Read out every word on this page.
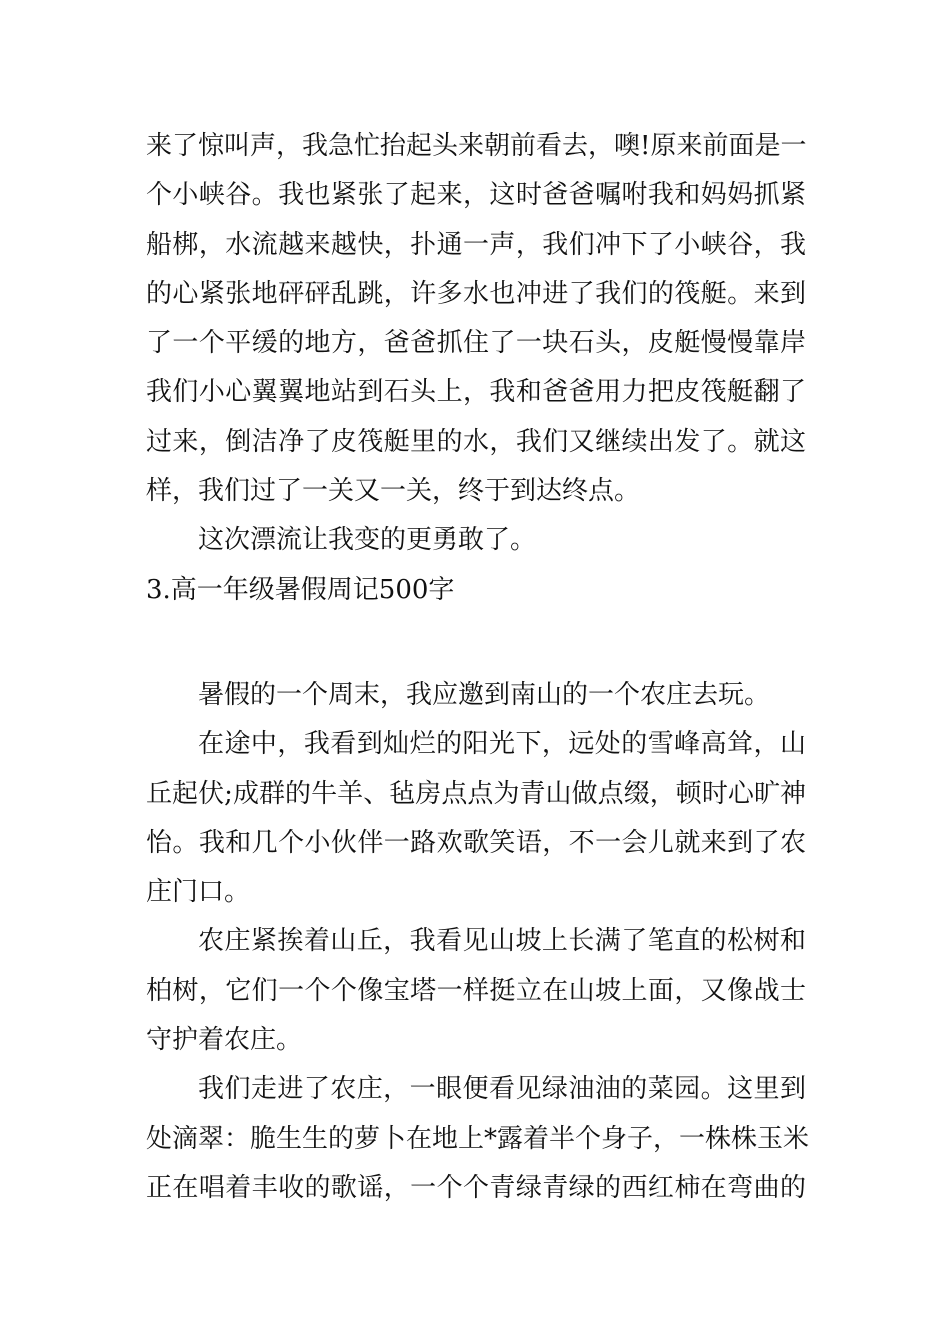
来了惊叫声，我急忙抬起头来朝前看去，噢!原来前面是一
个小峡谷。我也紧张了起来，这时爸爸嘱咐我和妈妈抓紧
船梆，水流越来越快，扑通一声，我们冲下了小峡谷，我
的心紧张地砰砰乱跳，许多水也冲进了我们的筏艇。来到
了一个平缓的地方，爸爸抓住了一块石头，皮艇慢慢靠岸
我们小心翼翼地站到石头上，我和爸爸用力把皮筏艇翻了
过来，倒洁净了皮筏艇里的水，我们又继续出发了。就这
样，我们过了一关又一关，终于到达终点。
这次漂流让我变的更勇敢了。
3.高一年级暑假周记500字
暑假的一个周末，我应邀到南山的一个农庄去玩。
在途中，我看到灿烂的阳光下，远处的雪峰高耸，山
丘起伏;成群的牛羊、毡房点点为青山做点缀，顿时心旷神
怡。我和几个小伙伴一路欢歌笑语，不一会儿就来到了农
庄门口。
农庄紧挨着山丘，我看见山坡上长满了笔直的松树和
柏树，它们一个个像宝塔一样挺立在山坡上面，又像战士
守护着农庄。
我们走进了农庄，一眼便看见绿油油的菜园。这里到
处滴翠：脆生生的萝卜在地上*露着半个身子，一株株玉米
正在唱着丰收的歌谣，一个个青绿青绿的西红柿在弯曲的
